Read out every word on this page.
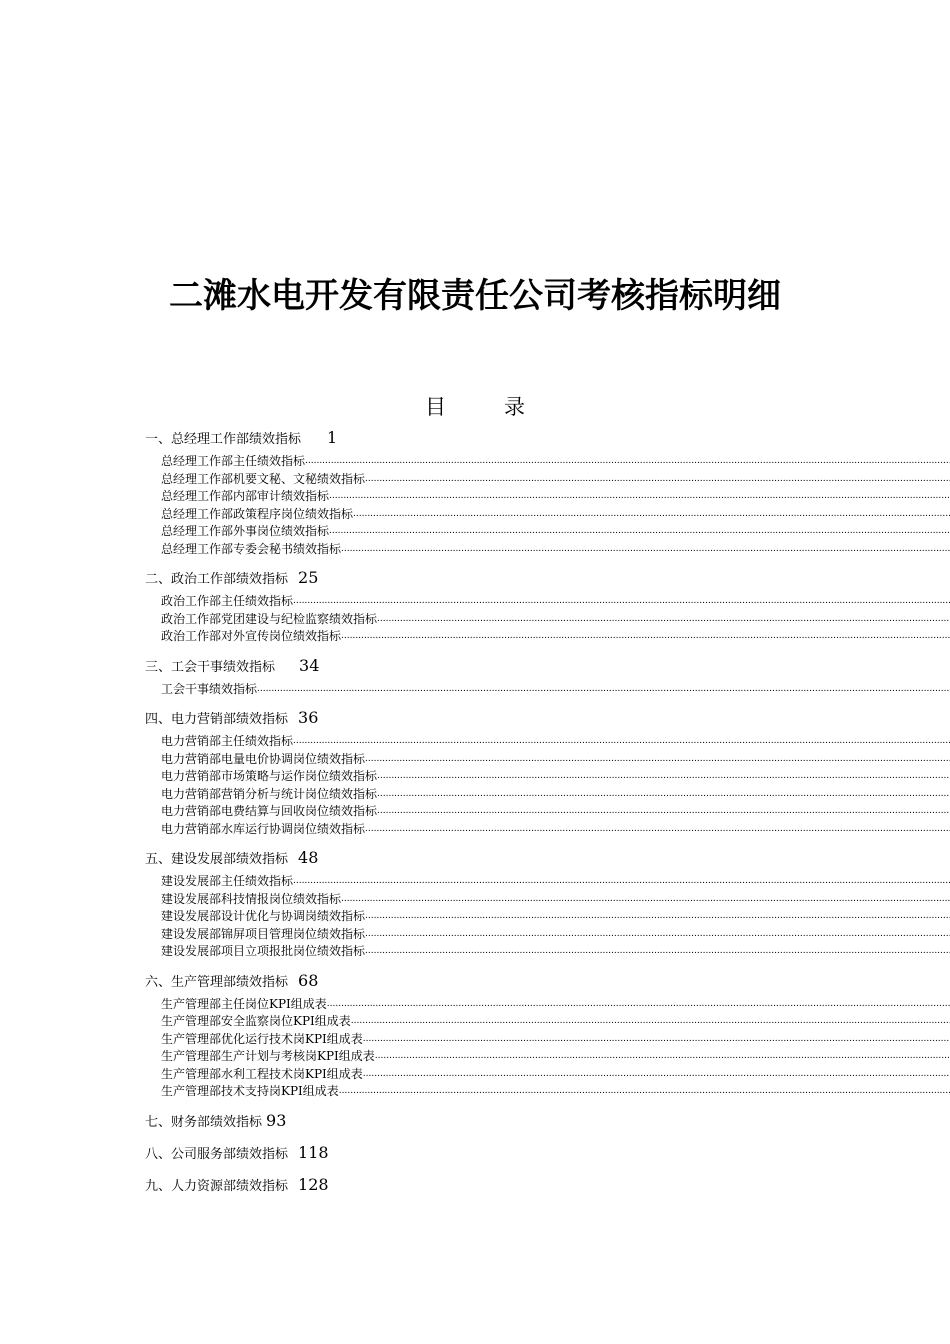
二滩水电开发有限责任公司考核指标明细
目	录
一、总经理工作部绩效指标 1
总经理工作部主任绩效指标
.....
总经理工作部机要文秘、文秘绩效指标
.....
总经理工作部内部审计绩效指标
.....
总经理工作部政策程序岗位绩效指标
.....
总经理工作部外事岗位绩效指标
.....
总经理工作部专委会秘书绩效指标
.....
二、政治工作部绩效指标 25
政治工作部主任绩效指标
.....
政治工作部党团建设与纪检监察绩效指标
.....
政治工作部对外宣传岗位绩效指标
.....
三、工会干事绩效指标 34
工会干事绩效指标
.....
四、电力营销部绩效指标 36
电力营销部主任绩效指标
.....
电力营销部电量电价协调岗位绩效指标
.....
电力营销部市场策略与运作岗位绩效指标
.....
电力营销部营销分析与统计岗位绩效指标
.....
电力营销部电费结算与回收岗位绩效指标
.....
电力营销部水库运行协调岗位绩效指标
.....
五、建设发展部绩效指标 48
建设发展部主任绩效指标
.....
建设发展部科技情报岗位绩效指标
.....
建设发展部设计优化与协调岗绩效指标
.....
建设发展部锦屏项目管理岗位绩效指标
.....
建设发展部项目立项报批岗位绩效指标
.....
六、生产管理部绩效指标 68
生产管理部主任岗位KPI组成表
.....
生产管理部安全监察岗位KPI组成表
.....
生产管理部优化运行技术岗KPI组成表
.....
生产管理部生产计划与考核岗KPI组成表
.....
生产管理部水利工程技术岗KPI组成表
.....
生产管理部技术支持岗KPI组成表
.....
七、财务部绩效指标 93
八、公司服务部绩效指标 118
九、人力资源部绩效指标 128
